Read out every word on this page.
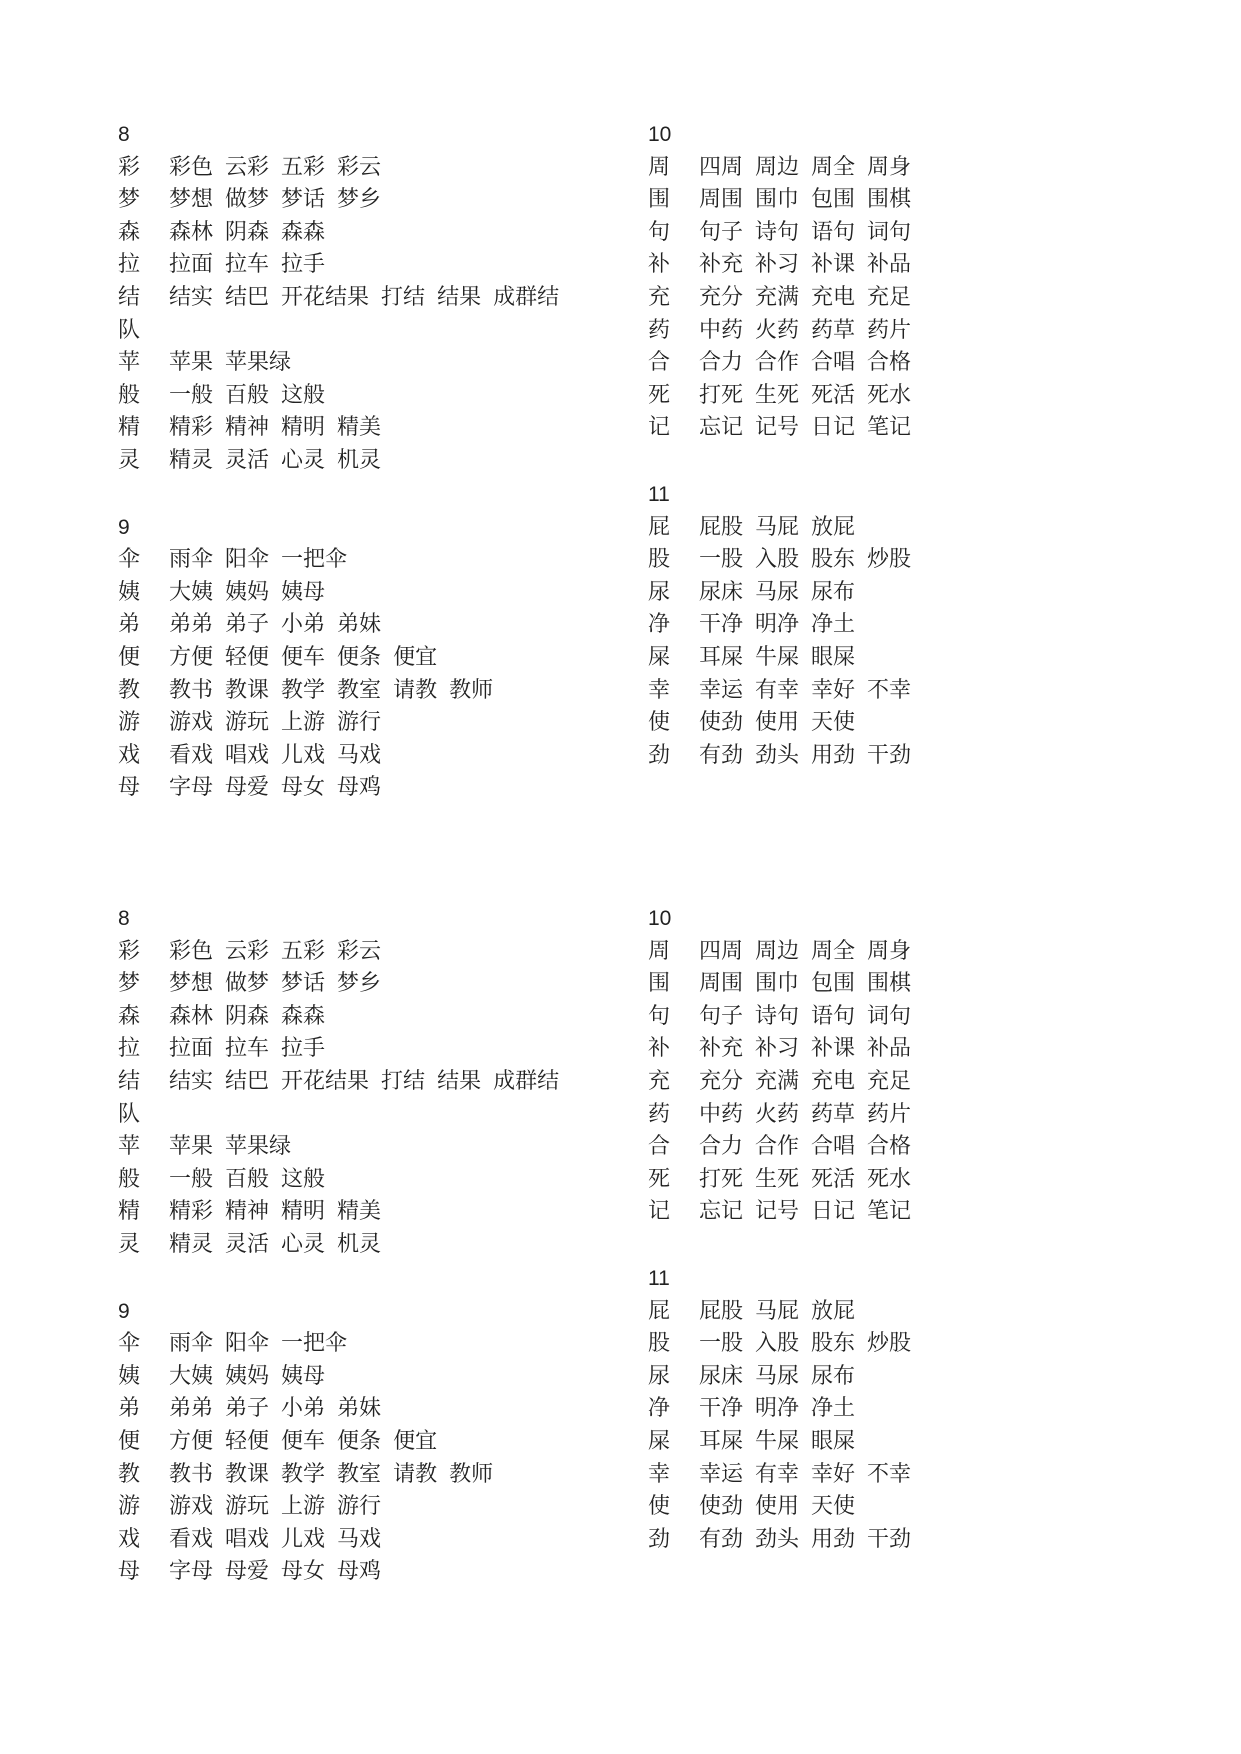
8
彩 彩色 云彩 五彩 彩云
梦 梦想 做梦 梦话 梦乡
森 森林 阴森 森森
拉 拉面 拉车 拉手
结 结实 结巴 开花结果 打结 结果 成群结
队
苹 苹果 苹果绿
般 一般 百般 这般
精 精彩 精神 精明 精美
灵 精灵 灵活 心灵 机灵
9
伞 雨伞 阳伞 一把伞
姨 大姨 姨妈 姨母
弟 弟弟 弟子 小弟 弟妹
便 方便 轻便 便车 便条 便宜
教 教书 教课 教学 教室 请教 教师
游 游戏 游玩 上游 游行
戏 看戏 唱戏 儿戏 马戏
母 字母 母爱 母女 母鸡
10
周 四周 周边 周全 周身
围 周围 围巾 包围 围棋
句 句子 诗句 语句 词句
补 补充 补习 补课 补品
充 充分 充满 充电 充足
药 中药 火药 药草 药片
合 合力 合作 合唱 合格
死 打死 生死 死活 死水
记 忘记 记号 日记 笔记
11
屁 屁股 马屁 放屁
股 一股 入股 股东 炒股
尿 尿床 马尿 尿布
净 干净 明净 净土
屎 耳屎 牛屎 眼屎
幸 幸运 有幸 幸好 不幸
使 使劲 使用 天使
劲 有劲 劲头 用劲 干劲
8
彩 彩色 云彩 五彩 彩云
梦 梦想 做梦 梦话 梦乡
森 森林 阴森 森森
拉 拉面 拉车 拉手
结 结实 结巴 开花结果 打结 结果 成群结
队
苹 苹果 苹果绿
般 一般 百般 这般
精 精彩 精神 精明 精美
灵 精灵 灵活 心灵 机灵
9
伞 雨伞 阳伞 一把伞
姨 大姨 姨妈 姨母
弟 弟弟 弟子 小弟 弟妹
便 方便 轻便 便车 便条 便宜
教 教书 教课 教学 教室 请教 教师
游 游戏 游玩 上游 游行
戏 看戏 唱戏 儿戏 马戏
母 字母 母爱 母女 母鸡
10
周 四周 周边 周全 周身
围 周围 围巾 包围 围棋
句 句子 诗句 语句 词句
补 补充 补习 补课 补品
充 充分 充满 充电 充足
药 中药 火药 药草 药片
合 合力 合作 合唱 合格
死 打死 生死 死活 死水
记 忘记 记号 日记 笔记
11
屁 屁股 马屁 放屁
股 一股 入股 股东 炒股
尿 尿床 马尿 尿布
净 干净 明净 净土
屎 耳屎 牛屎 眼屎
幸 幸运 有幸 幸好 不幸
使 使劲 使用 天使
劲 有劲 劲头 用劲 干劲
